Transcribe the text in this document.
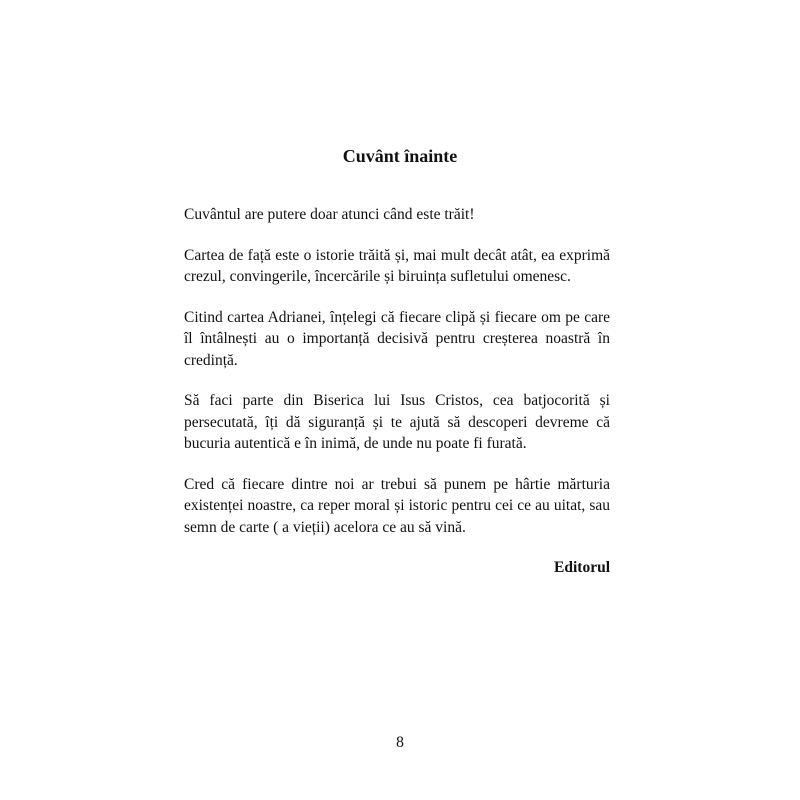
Cuvânt înainte

Cuvântul are putere doar atunci când este trăit!

Cartea de față este o istorie trăită și, mai mult decât atât, ea exprimă crezul, convingerile, încercările și biruința sufletului omenesc.

Citind cartea Adrianei, înțelegi că fiecare clipă și fiecare om pe care îl întâlnești au o importanță decisivă pentru creșterea noastră în credință.

Să faci parte din Biserica lui Isus Cristos, cea batjocorită și persecutată, îți dă siguranță și te ajută să descoperi devreme că bucuria autentică e în inimă, de unde nu poate fi furată.

Cred că fiecare dintre noi ar trebui să punem pe hârtie mărturia existenței noastre, ca reper moral și istoric pentru cei ce au uitat, sau semn de carte ( a vieții) acelora ce au să vină.

Editorul

8
